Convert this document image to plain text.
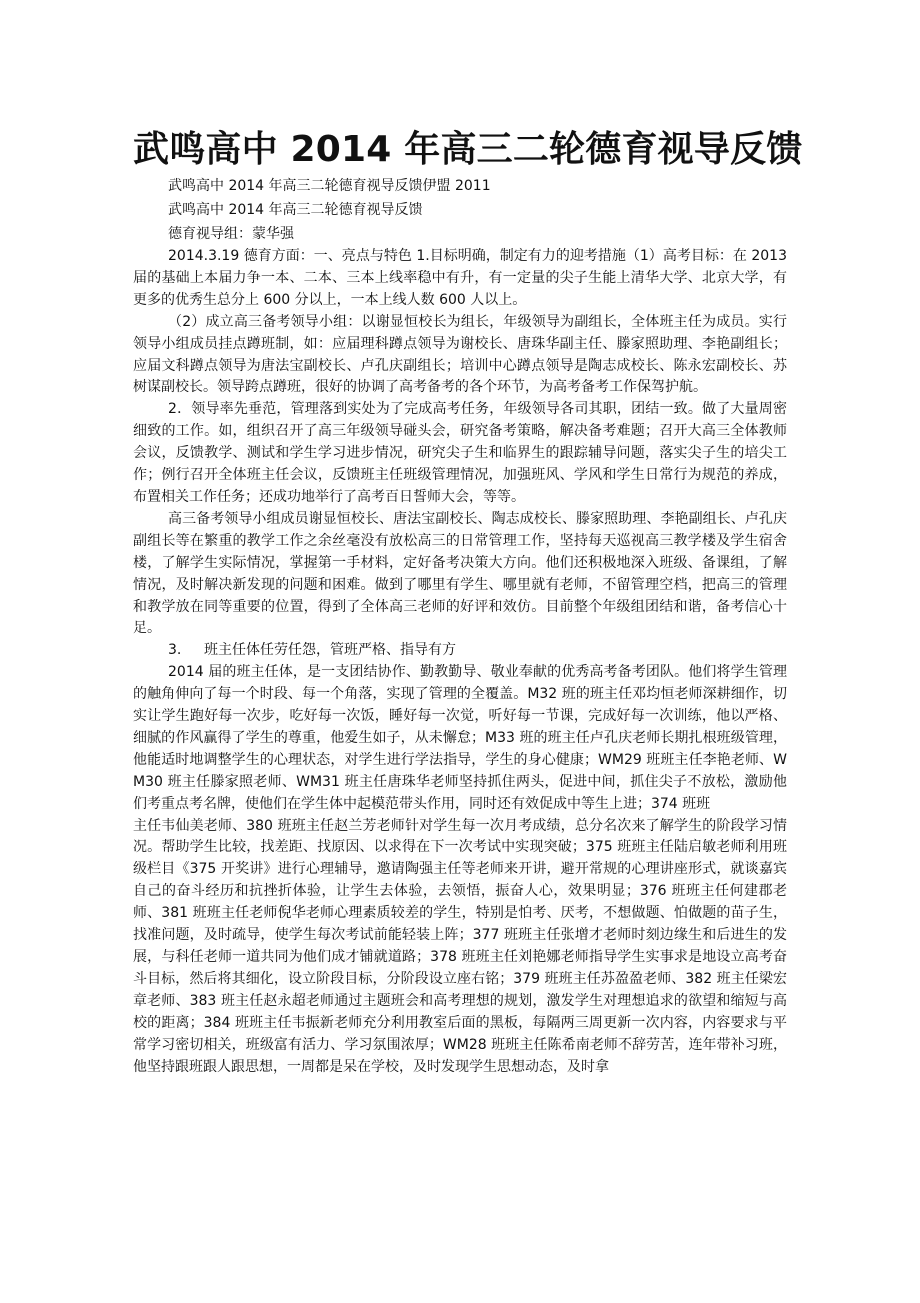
武鸣高中 2014 年高三二轮德育视导反馈

武鸣高中 2014 年高三二轮德育视导反馈伊盟 2011

武鸣高中 2014 年高三二轮德育视导反馈

德育视导组：蒙华强

2014.3.19 德育方面：一、亮点与特色 1.目标明确，制定有力的迎考措施（1）高考目标：在 2013 届的基础上本届力争一本、二本、三本上线率稳中有升，有一定量的尖子生能上清华大学、北京大学，有更多的优秀生总分上 600 分以上，一本上线人数 600 人以上。

（2）成立高三备考领导小组：以谢显恒校长为组长，年级领导为副组长，全体班主任为成员。实行领导小组成员挂点蹲班制，如：应届理科蹲点领导为谢校长、唐珠华副主任、滕家照助理、李艳副组长；应届文科蹲点领导为唐法宝副校长、卢孔庆副组长；培训中心蹲点领导是陶志成校长、陈永宏副校长、苏树谋副校长。领导跨点蹲班，很好的协调了高考备考的各个环节，为高考备考工作保驾护航。

2．领导率先垂范，管理落到实处为了完成高考任务，年级领导各司其职，团结一致。做了大量周密细致的工作。如，组织召开了高三年级领导碰头会，研究备考策略，解决备考难题；召开大高三全体教师会议，反馈教学、测试和学生学习进步情况，研究尖子生和临界生的跟踪辅导问题，落实尖子生的培尖工作；例行召开全体班主任会议，反馈班主任班级管理情况，加强班风、学风和学生日常行为规范的养成，布置相关工作任务；还成功地举行了高考百日誓师大会，等等。

高三备考领导小组成员谢显恒校长、唐法宝副校长、陶志成校长、滕家照助理、李艳副组长、卢孔庆副组长等在繁重的教学工作之余丝毫没有放松高三的日常管理工作，坚持每天巡视高三教学楼及学生宿舍楼，了解学生实际情况，掌握第一手材料，定好备考决策大方向。他们还积极地深入班级、备课组，了解情况，及时解决新发现的问题和困难。做到了哪里有学生、哪里就有老师，不留管理空档，把高三的管理和教学放在同等重要的位置，得到了全体高三老师的好评和效仿。目前整个年级组团结和谐，备考信心十足。

3. 班主任体任劳任怨，管班严格、指导有方

2014 届的班主任体，是一支团结协作、勤教勤导、敬业奉献的优秀高考备考团队。他们将学生管理的触角伸向了每一个时段、每一个角落，实现了管理的全覆盖。M32 班的班主任邓均恒老师深耕细作，切实让学生跑好每一次步，吃好每一次饭，睡好每一次觉，听好每一节课，完成好每一次训练，他以严格、细腻的作风赢得了学生的尊重，他爱生如子，从未懈怠；M33 班的班主任卢孔庆老师长期扎根班级管理，他能适时地调整学生的心理状态，对学生进行学法指导，学生的身心健康；WM29 班班主任李艳老师、WM30 班主任滕家照老师、WM31 班主任唐珠华老师坚持抓住两头，促进中间，抓住尖子不放松，激励他们考重点考名牌，使他们在学生体中起模范带头作用，同时还有效促成中等生上进；374 班班

主任韦仙美老师、380 班班主任赵兰芳老师针对学生每一次月考成绩，总分名次来了解学生的阶段学习情况。帮助学生比较，找差距、找原因、以求得在下一次考试中实现突破；375 班班主任陆启敏老师利用班级栏目《375 开奖讲》进行心理辅导，邀请陶强主任等老师来开讲，避开常规的心理讲座形式，就谈嘉宾自己的奋斗经历和抗挫折体验，让学生去体验，去领悟，振奋人心，效果明显；376 班班主任何建郡老师、381 班班主任老师倪华老师心理素质较差的学生，特别是怕考、厌考，不想做题、怕做题的苗子生，找准问题，及时疏导，使学生每次考试前能轻装上阵；377 班班主任张增才老师时刻边缘生和后进生的发展，与科任老师一道共同为他们成才铺就道路；378 班班主任刘艳娜老师指导学生实事求是地设立高考奋斗目标，然后将其细化，设立阶段目标，分阶段设立座右铭；379 班班主任苏盈盈老师、382 班主任梁宏章老师、383 班主任赵永超老师通过主题班会和高考理想的规划，激发学生对理想追求的欲望和缩短与高校的距离；384 班班主任韦振新老师充分利用教室后面的黑板，每隔两三周更新一次内容，内容要求与平常学习密切相关，班级富有活力、学习氛围浓厚；WM28 班班主任陈希南老师不辞劳苦，连年带补习班，他坚持跟班跟人跟思想，一周都是呆在学校，及时发现学生思想动态，及时拿
